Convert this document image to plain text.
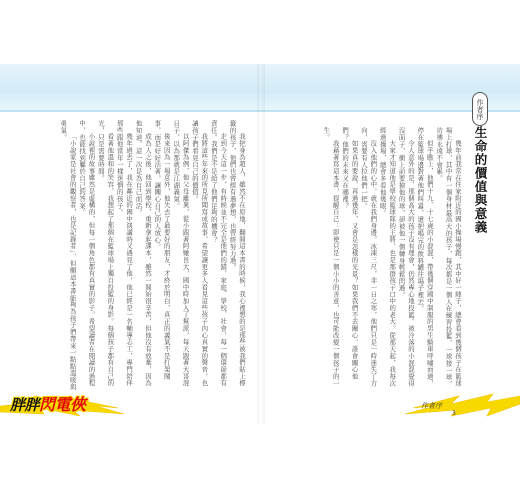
作者序
生命的價值與意義

幾年前我常在住家附近的國小操場慢跑，其中好一陣子，總會看到幾個孩子在籃球場上打球，其中有一個身材最高大的孩子，每次都是一個人在練習投籃，一球接一球，彷彿永遠不會累。

似乎瞧上，他們十九、十七歲的小混混，帶幾個穿國中制服的男生騎車呼嘯而過，停在籃球場邊對著他們叫囂，還把喝完的飲料罐往場子裡丟。

令人意外的是，那個高大的孩子沒有理會，仍然專心地投籃。被冷落的小混混覺得沒面子，衝上前要搶他的球，卻被他一個轉身輕鬆閃過。

大家才知道他是學校籃球隊的主將，也是那群孩子口中的老大。從那天起，我每次經過操場，總會多看他幾眼。

沒入他們的心中，就在我們身邊。冰凍三尺，非一日之寒，他們只是一時迷失了方向，需要有人拉他們一把。

如果真的要說，再過幾年，又會是怎樣的光景？如果我們不去關心，誰會關心他們？他們的未來又在哪裡？

我藉著寫這本書，提醒自己：即使只是一個小小的善意，也可能改變一個孩子的一生。

我把身為超人，雖然不在原地，翻開這本書的時候，我心裡想的是那些被我們貼上標籤的孩子，他們也曾經有過夢想，也曾經努力過。

走到今天這一步，有時候並不完全是他們的錯，家庭、學校、社會，每一個環節都有責任。我們是不是給了他們足夠的機會？

我將這些年來的所見所聞寫成故事，希望讓更多人看見這些孩子內心真實的聲音，也讓孩子們看見自己的價值。

以阿傑為例，他父母離異，從小跟著阿嬤長大，國中時加入了幫派，每天跟著大哥混日子，以為那就是江湖義氣。

後來因為一場意外，他失去了最要好的朋友，才終於明白，真正的義氣不是打架鬧事，而是好好活著，讓關心自己的人放心。

成為人之後，他回到學校，重新拿起課本，雖然一開始很辛苦，但他沒有放棄，因為他知道，這一次是為自己而活。

幾年過去了，我在鄰近的國中演講時又遇見了他，他已經是一名輔導志工，專門陪伴那些跟他當年一樣迷惘的孩子。

看著他溫和的笑容，我想起了那個在籃球場上獨自投籃的身影。每個孩子都有自己的光，只是需要時間。

小說裡的故事雖然是虛構的，但每一個角色都有真實的影子，希望讀者在閱讀的過程中，也能找到屬於自己的答案。

「小說家是社會的觀察者，也是記錄者」，但願這本書能夠為孩子們帶來一點點溫暖與勇氣。

胖胖閃電俠	作者序
3
